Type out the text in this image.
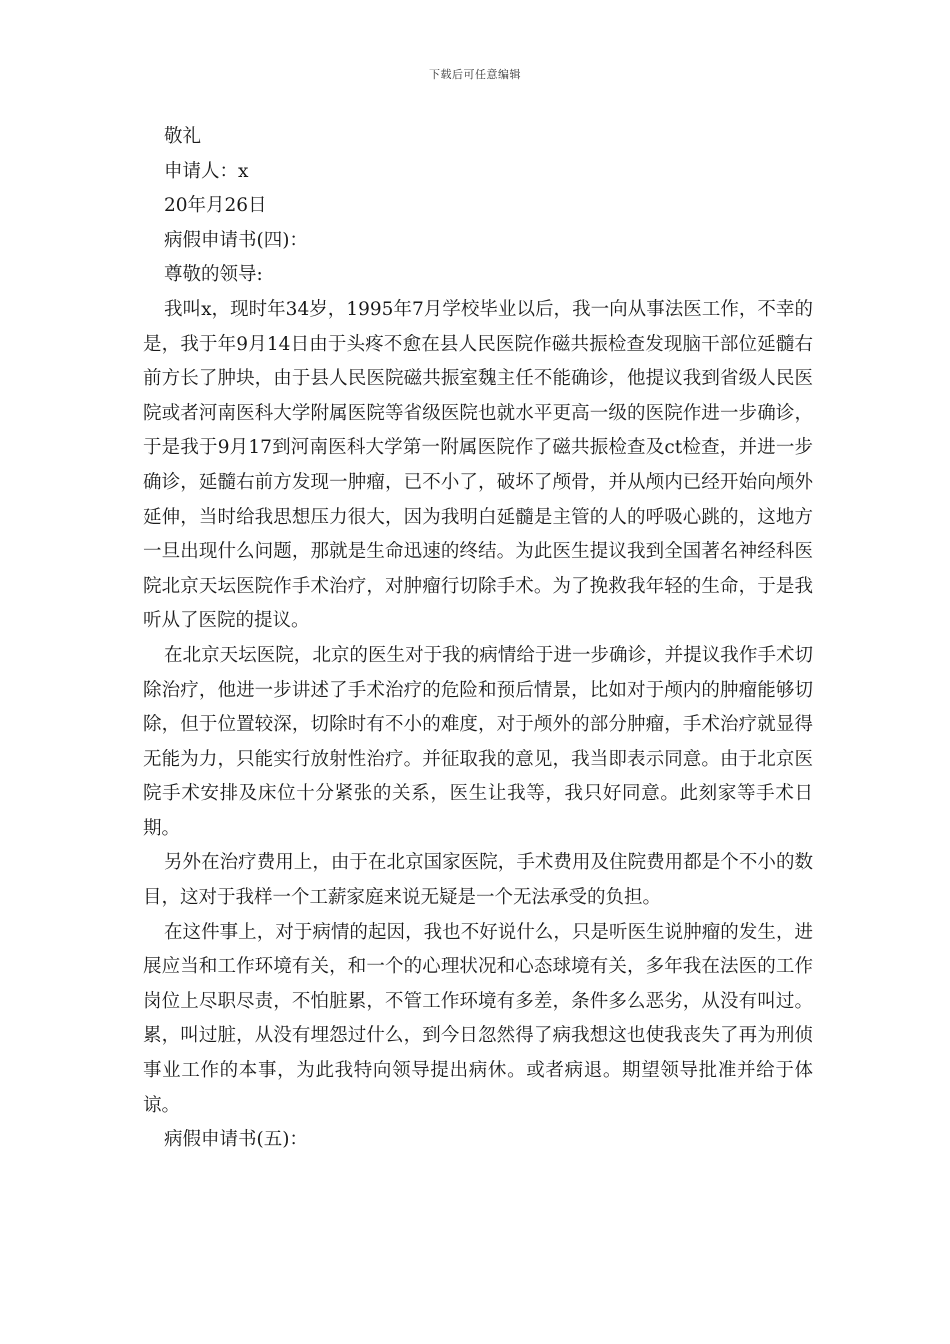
下载后可任意编辑
敬礼
申请人：x
20年月26日
病假申请书(四)：
尊敬的领导:

我叫x，现时年34岁，1995年7月学校毕业以后，我一向从事法医工作，不幸的是，我于年9月14日由于头疼不愈在县人民医院作磁共振检查发现脑干部位延髓右前方长了肿块，由于县人民医院磁共振室魏主任不能确诊，他提议我到省级人民医院或者河南医科大学附属医院等省级医院也就水平更高一级的医院作进一步确诊，于是我于9月17到河南医科大学第一附属医院作了磁共振检查及ct检查，并进一步确诊，延髓右前方发现一肿瘤，已不小了，破坏了颅骨，并从颅内已经开始向颅外延伸，当时给我思想压力很大，因为我明白延髓是主管的人的呼吸心跳的，这地方一旦出现什么问题，那就是生命迅速的终结。为此医生提议我到全国著名神经科医院北京天坛医院作手术治疗，对肿瘤行切除手术。为了挽救我年轻的生命，于是我听从了医院的提议。

在北京天坛医院，北京的医生对于我的病情给于进一步确诊，并提议我作手术切除治疗，他进一步讲述了手术治疗的危险和预后情景，比如对于颅内的肿瘤能够切除，但于位置较深，切除时有不小的难度，对于颅外的部分肿瘤，手术治疗就显得无能为力，只能实行放射性治疗。并征取我的意见，我当即表示同意。由于北京医院手术安排及床位十分紧张的关系，医生让我等，我只好同意。此刻家等手术日期。

另外在治疗费用上，由于在北京国家医院，手术费用及住院费用都是个不小的数目，这对于我样一个工薪家庭来说无疑是一个无法承受的负担。

在这件事上，对于病情的起因，我也不好说什么，只是听医生说肿瘤的发生，进展应当和工作环境有关，和一个的心理状况和心态球境有关，多年我在法医的工作岗位上尽职尽责，不怕脏累，不管工作环境有多差，条件多么恶劣，从没有叫过。累，叫过脏，从没有埋怨过什么，到今日忽然得了病我想这也使我丧失了再为刑侦事业工作的本事，为此我特向领导提出病休。或者病退。期望领导批准并给于体谅。

病假申请书(五)：
